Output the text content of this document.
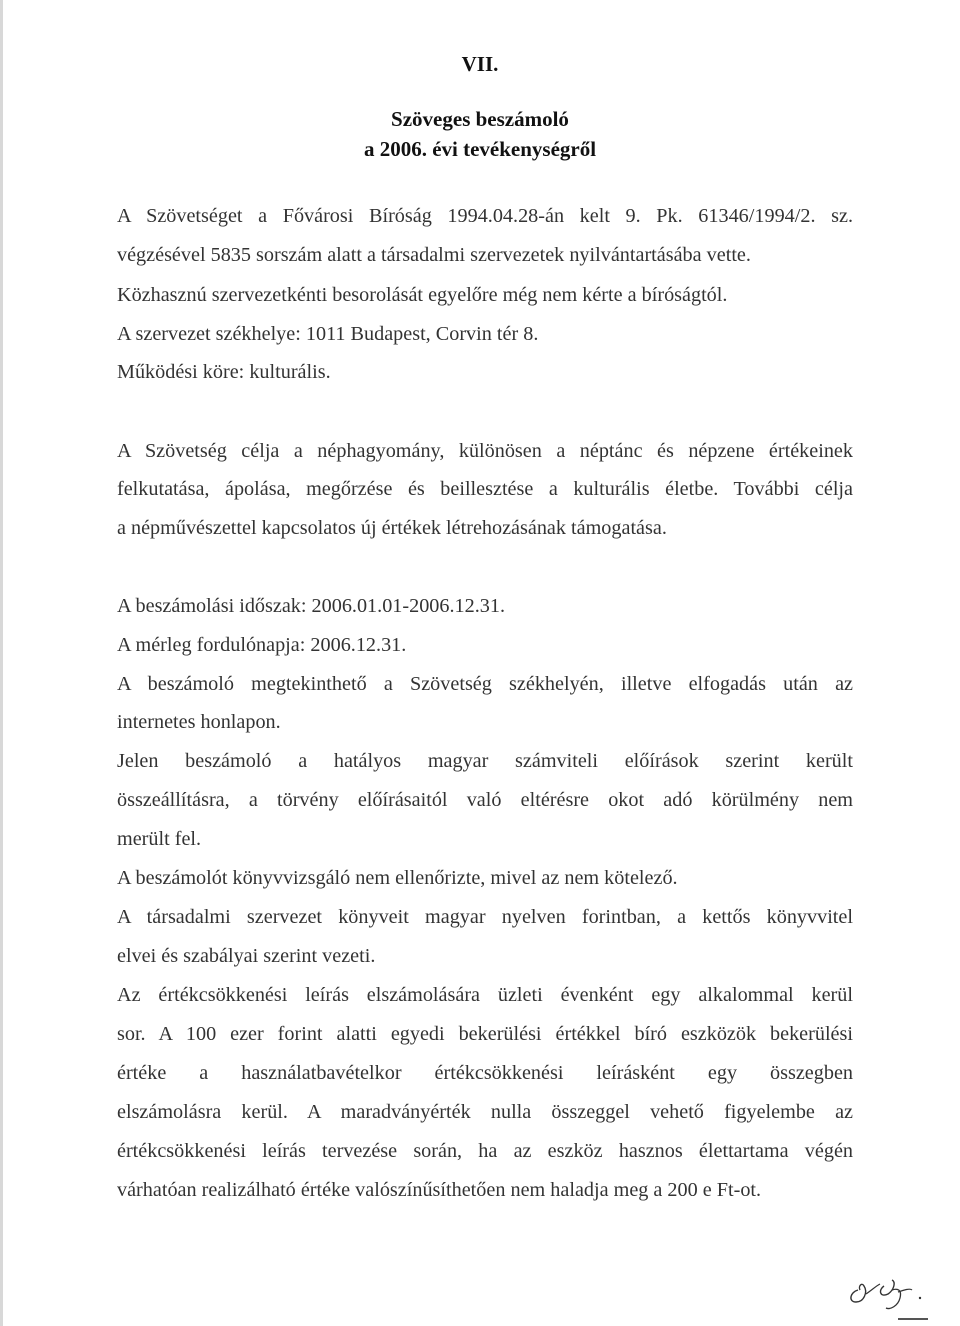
VII.
Szöveges beszámoló
a 2006. évi tevékenységről
A Szövetséget a Fővárosi Bíróság 1994.04.28-án kelt 9. Pk. 61346/1994/2. sz.
végzésével 5835 sorszám alatt a társadalmi szervezetek nyilvántartásába vette.
Közhasznú szervezetkénti besorolását egyelőre még nem kérte a bíróságtól.
A szervezet székhelye: 1011 Budapest, Corvin tér 8.
Működési köre: kulturális.
A Szövetség célja a néphagyomány, különösen a néptánc és népzene értékeinek
felkutatása, ápolása, megőrzése és beillesztése a kulturális életbe. További célja
a népművészettel kapcsolatos új értékek létrehozásának támogatása.
A beszámolási időszak: 2006.01.01-2006.12.31.
A mérleg fordulónapja: 2006.12.31.
A beszámoló megtekinthető a Szövetség székhelyén, illetve elfogadás után az
internetes honlapon.
Jelen beszámoló a hatályos magyar számviteli előírások szerint került
összeállításra, a törvény előírásaitól való eltérésre okot adó körülmény nem
merült fel.
A beszámolót könyvvizsgáló nem ellenőrizte, mivel az nem kötelező.
A társadalmi szervezet könyveit magyar nyelven forintban, a kettős könyvvitel
elvei és szabályai szerint vezeti.
Az értékcsökkenési leírás elszámolására üzleti évenként egy alkalommal kerül
sor. A 100 ezer forint alatti egyedi bekerülési értékkel bíró eszközök bekerülési
értéke a használatbavételkor értékcsökkenési leírásként egy összegben
elszámolásra kerül. A maradványérték nulla összeggel vehető figyelembe az
értékcsökkenési leírás tervezése során, ha az eszköz hasznos élettartama végén
várhatóan realizálható értéke valószínűsíthetően nem haladja meg a 200 e Ft-ot.
